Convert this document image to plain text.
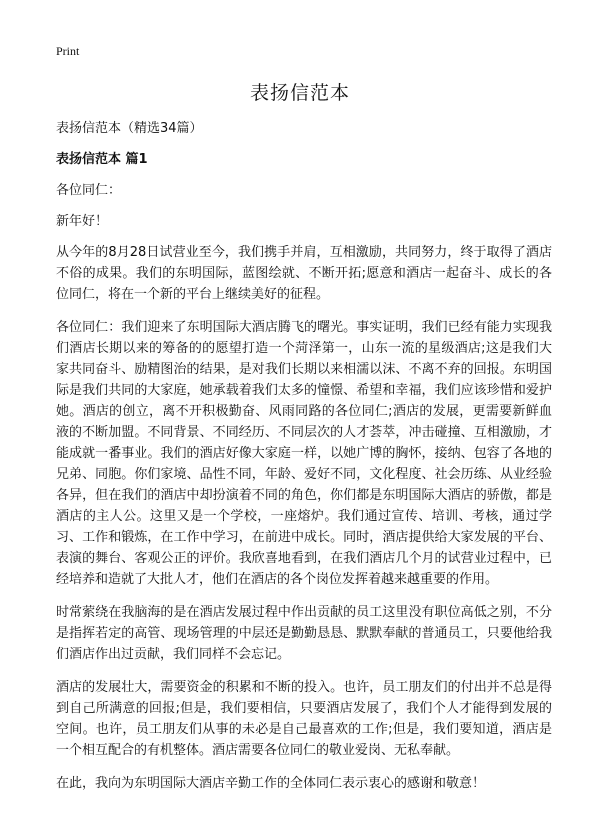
Print
表扬信范本

表扬信范本（精选34篇）

表扬信范本 篇1

各位同仁：

新年好！

从今年的8月28日试营业至今，我们携手并肩，互相激励，共同努力，终于取得了酒店不俗的成果。我们的东明国际，蓝图绘就、不断开拓;愿意和酒店一起奋斗、成长的各位同仁，将在一个新的平台上继续美好的征程。

各位同仁：我们迎来了东明国际大酒店腾飞的曙光。事实证明，我们已经有能力实现我们酒店长期以来的筹备的的愿望打造一个菏泽第一，山东一流的星级酒店;这是我们大家共同奋斗、励精图治的结果，是对我们长期以来相濡以沫、不离不弃的回报。东明国际是我们共同的大家庭，她承载着我们太多的憧憬、希望和幸福，我们应该珍惜和爱护她。酒店的创立，离不开积极勤奋、风雨同路的各位同仁;酒店的发展，更需要新鲜血液的不断加盟。不同背景、不同经历、不同层次的人才荟萃，冲击碰撞、互相激励，才能成就一番事业。我们的酒店好像大家庭一样，以她广博的胸怀，接纳、包容了各地的兄弟、同胞。你们家境、品性不同，年龄、爱好不同，文化程度、社会历练、从业经验各异，但在我们的酒店中却扮演着不同的角色，你们都是东明国际大酒店的骄傲，都是酒店的主人公。这里又是一个学校，一座熔炉。我们通过宣传、培训、考核，通过学习、工作和锻炼，在工作中学习，在前进中成长。同时，酒店提供给大家发展的平台、表演的舞台、客观公正的评价。我欣喜地看到，在我们酒店几个月的试营业过程中，已经培养和造就了大批人才，他们在酒店的各个岗位发挥着越来越重要的作用。

时常萦绕在我脑海的是在酒店发展过程中作出贡献的员工这里没有职位高低之别，不分是指挥若定的高管、现场管理的中层还是勤勤恳恳、默默奉献的普通员工，只要他给我们酒店作出过贡献，我们同样不会忘记。

酒店的发展壮大，需要资金的积累和不断的投入。也许，员工朋友们的付出并不总是得到自己所满意的回报;但是，我们要相信，只要酒店发展了，我们个人才能得到发展的空间。也许，员工朋友们从事的未必是自己最喜欢的工作;但是，我们要知道，酒店是一个相互配合的有机整体。酒店需要各位同仁的敬业爱岗、无私奉献。

在此，我向为东明国际大酒店辛勤工作的全体同仁表示衷心的感谢和敬意！
